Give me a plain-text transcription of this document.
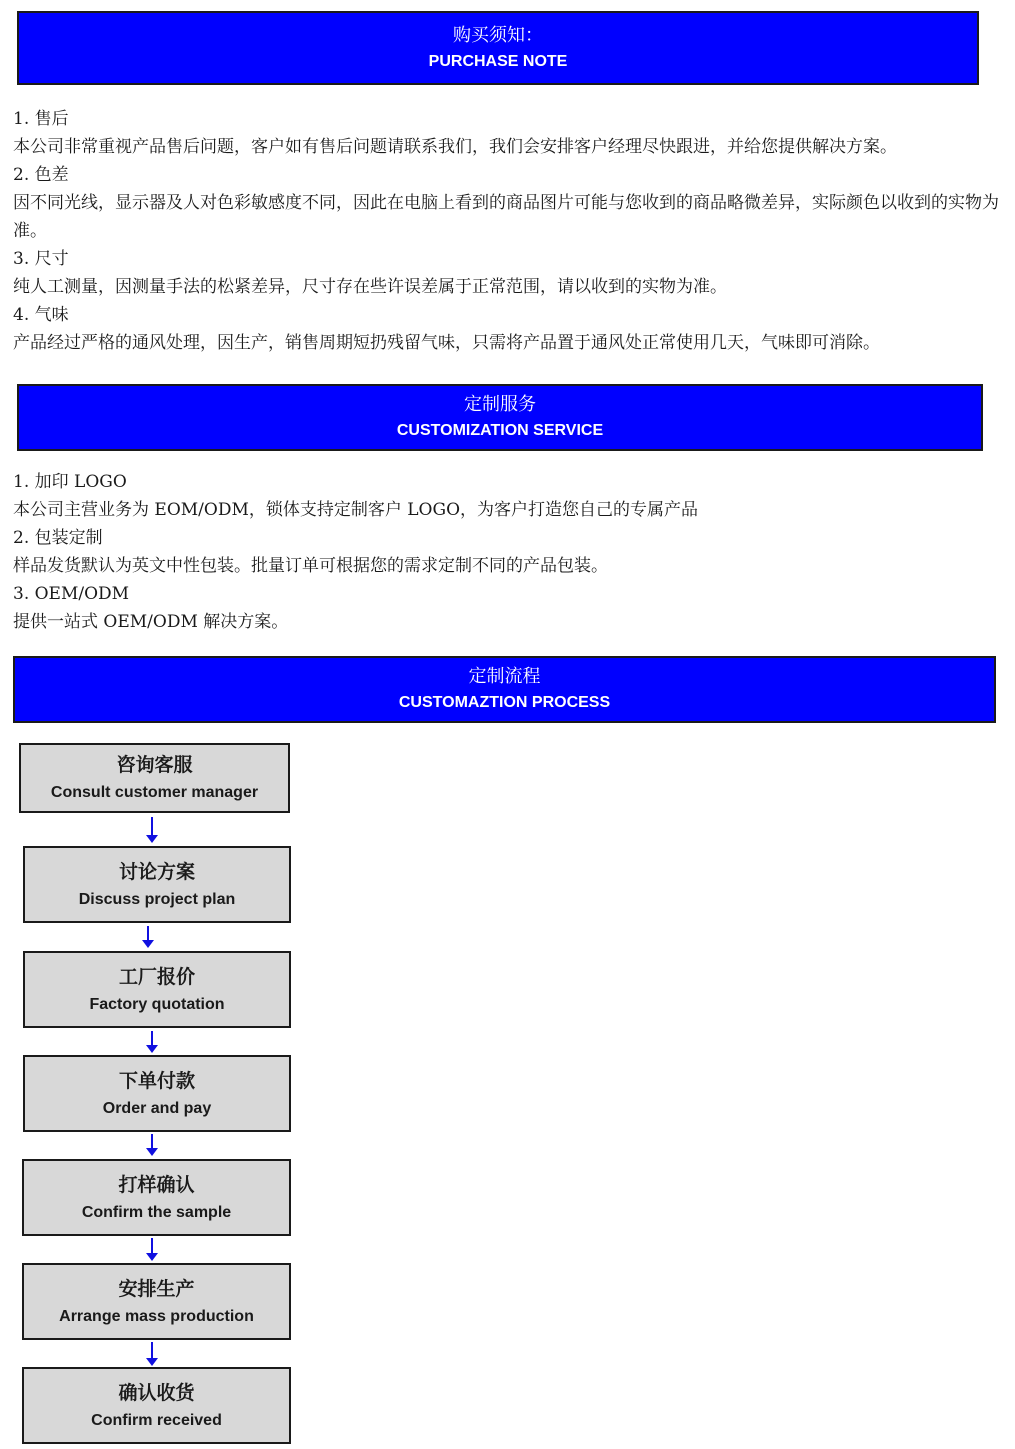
购买须知：
PURCHASE NOTE

1. 售后

本公司非常重视产品售后问题，客户如有售后问题请联系我们，我们会安排客户经理尽快跟进，并给您提供解决方案。

2. 色差

因不同光线，显示器及人对色彩敏感度不同，因此在电脑上看到的商品图片可能与您收到的商品略微差异，实际颜色以收到的实物为准。

3. 尺寸

纯人工测量，因测量手法的松紧差异，尺寸存在些许误差属于正常范围，请以收到的实物为准。

4. 气味

产品经过严格的通风处理，因生产，销售周期短扔残留气味，只需将产品置于通风处正常使用几天，气味即可消除。

定制服务
CUSTOMIZATION SERVICE

1. 加印 LOGO

本公司主营业务为 EOM/ODM，锁体支持定制客户 LOGO，为客户打造您自己的专属产品

2. 包装定制

样品发货默认为英文中性包装。批量订单可根据您的需求定制不同的产品包装。

3. OEM/ODM

提供一站式 OEM/ODM 解决方案。

定制流程
CUSTOMAZTION PROCESS
咨询客服
Consult customer manager
讨论方案
Discuss project plan
工厂报价
Factory quotation
下单付款
Order and pay
打样确认
Confirm the sample
安排生产
Arrange mass production
确认收货
Confirm received
